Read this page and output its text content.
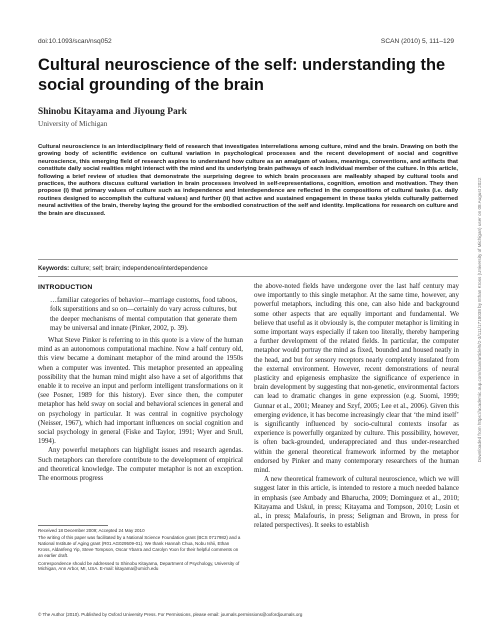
doi:10.1093/scan/nsq052	SCAN (2010) 5, 111–129
Cultural neuroscience of the self: understanding the social grounding of the brain
Shinobu Kitayama and Jiyoung Park
University of Michigan

Cultural neuroscience is an interdisciplinary field of research that investigates interrelations among culture, mind and the brain. Drawing on both the growing body of scientific evidence on cultural variation in psychological processes and the recent development of social and cognitive neuroscience, this emerging field of research aspires to understand how culture as an amalgam of values, meanings, conventions, and artifacts that constitute daily social realities might interact with the mind and its underlying brain pathways of each individual member of the culture. In this article, following a brief review of studies that demonstrate the surprising degree to which brain processes are malleably shaped by cultural tools and practices, the authors discuss cultural variation in brain processes involved in self-representations, cognition, emotion and motivation. They then propose (i) that primary values of culture such as independence and interdependence are reflected in the compositions of cultural tasks (i.e. daily routines designed to accomplish the cultural values) and further (ii) that active and sustained engagement in these tasks yields culturally patterned neural activities of the brain, thereby laying the ground for the embodied construction of the self and identity. Implications for research on culture and the brain are discussed.

Keywords: culture; self; brain; independence/interdependence
INTRODUCTION

…familiar categories of behavior—marriage customs, food taboos, folk superstitions and so on—certainly do vary across cultures, but the deeper mechanisms of mental computation that generate them may be universal and innate (Pinker, 2002, p. 39).

What Steve Pinker is referring to in this quote is a view of the human mind as an autonomous computational machine. Now a half century old, this view became a dominant metaphor of the mind around the 1950s when a computer was invented. This metaphor presented an appealing possibility that the human mind might also have a set of algorithms that enable it to receive an input and perform intelligent transformations on it (see Posner, 1989 for this history). Ever since then, the computer metaphor has held sway on social and behavioral sciences in general and on psychology in particular. It was central in cognitive psychology (Neisser, 1967), which had important influences on social cognition and social psychology in general (Fiske and Taylor, 1991; Wyer and Srull, 1994).

Any powerful metaphors can highlight issues and research agendas. Such metaphors can therefore contribute to the development of empirical and theoretical knowledge. The computer metaphor is not an exception. The enormous progress

the above-noted fields have undergone over the last half century may owe importantly to this single metaphor. At the same time, however, any powerful metaphors, including this one, can also hide and background some other aspects that are equally important and fundamental. We believe that useful as it obviously is, the computer metaphor is limiting in some important ways especially if taken too literally, thereby hampering a further development of the related fields. In particular, the computer metaphor would portray the mind as fixed, bounded and housed neatly in the head, and but for sensory receptors nearly completely insulated from the external environment. However, recent demonstrations of neural plasticity and epigenesis emphasize the significance of experience in brain development by suggesting that non-genetic, environmental factors can lead to dramatic changes in gene expression (e.g. Suomi, 1999; Gunnar et al., 2001; Meaney and Szyf, 2005; Lee et al., 2006). Given this emerging evidence, it has become increasingly clear that ‘the mind itself’ is significantly influenced by socio-cultural contexts insofar as experience is powerfully organized by culture. This possibility, however, is often back-grounded, underappreciated and thus under-researched within the general theoretical framework informed by the metaphor endorsed by Pinker and many contemporary researchers of the human mind.

A new theoretical framework of cultural neuroscience, which we will suggest later in this article, is intended to restore a much needed balance in emphasis (see Ambady and Bharucha, 2009; Dominguez et al., 2010; Kitayama and Uskul, in press; Kitayama and Tompson, 2010; Losin et al., in press; Malafouris, in press; Seligman and Brown, in press for related perspectives). It seeks to establish

Received 18 December 2009; Accepted 24 May 2010

The writing of this paper was facilitated by a National Science Foundation grant (BCS 0717982) and a National Institute of Aging grant (R01 AG029509-01). We thank Hannah Chua, Nobu Ishii, Ethan Kross, Aldanfeng Yip, Steve Tompson, Oscar Ybarra and Carolyn Yoon for their helpful comments on an earlier draft.

Correspondence should be addressed to Shinobu Kitayama, Department of Psychology, University of Michigan, Ann Arbor, MI, USA. E-mail: kitayama@umich.edu

© The Author (2010). Published by Oxford University Press. For Permissions, please email: journals.permissions@oxfordjournals.org
Downloaded from https://academic.oup.com/scan/article/5/2-3/111/1718038 by Ethan Kross (University of Michigan) user on 08 August 2022
